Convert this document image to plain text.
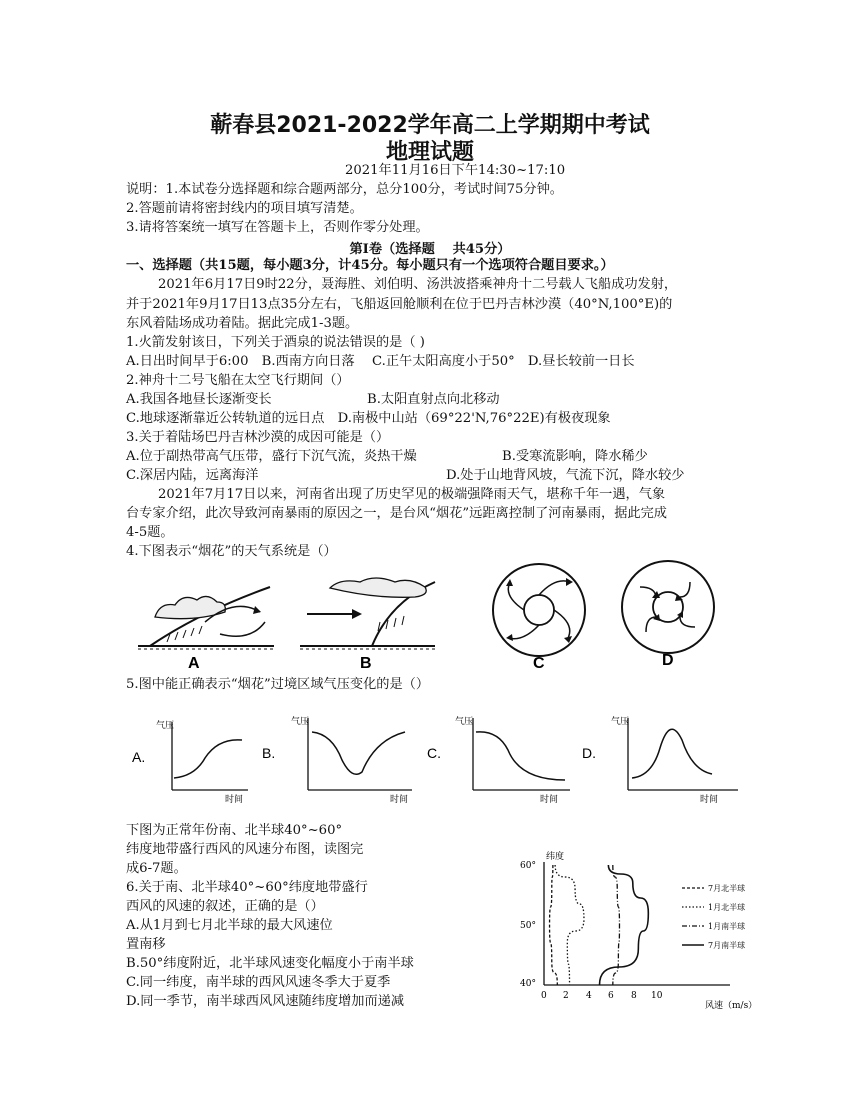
蕲春县2021-2022学年高二上学期期中考试
地理试题
2021年11月16日下午14:30~17:10
说明：1.本试卷分选择题和综合题两部分，总分100分，考试时间75分钟。
2.答题前请将密封线内的项目填写清楚。
3.请将答案统一填写在答题卡上，否则作零分处理。
第Ⅰ卷（选择题　 共45分）
一、选择题（共15题，每小题3分，计45分。每小题只有一个选项符合题目要求。）
2021年6月17日9时22分，聂海胜、刘伯明、汤洪波搭乘神舟十二号载人飞船成功发射，
并于2021年9月17日13点35分左右，飞船返回舱顺利在位于巴丹吉林沙漠（40°N,100°E)的
东风着陆场成功着陆。据此完成1-3题。
1.火箭发射该日，下列关于酒泉的说法错误的是（ )
A.日出时间早于6:00　B.西南方向日落　 C.正午太阳高度小于50°　D.昼长较前一日长
2.神舟十二号飞船在太空飞行期间（）
A.我国各地昼长逐渐变长	B.太阳直射点向北移动
C.地球逐渐靠近公转轨道的远日点　D.南极中山站（69°22'N,76°22E)有极夜现象
3.关于着陆场巴丹吉林沙漠的成因可能是（）
A.位于副热带高气压带，盛行下沉气流，炎热干燥	B.受寒流影响，降水稀少
C.深居内陆，远离海洋	D.处于山地背风坡，气流下沉，降水较少
2021年7月17日以来，河南省出现了历史罕见的极端强降雨天气，堪称千年一遇，气象
台专家介绍，此次导致河南暴雨的原因之一，是台风“烟花”远距离控制了河南暴雨，据此完成
4-5题。
4.下图表示“烟花”的天气系统是（）
A	B	C	D
5.图中能正确表示“烟花”过境区域气压变化的是（）
A.
气压
时间
B.
气压
时间
C.
气压
时间
D.
气压
时间
下图为正常年份南、北半球40°~60°
纬度地带盛行西风的风速分布图，读图完
成6-7题。
6.关于南、北半球40°~60°纬度地带盛行
西风的风速的叙述，正确的是（）
A.从1月到七月北半球的最大风速位
置南移
B.50°纬度附近，北半球风速变化幅度小于南半球
C.同一纬度，南半球的西风风速冬季大于夏季
D.同一季节，南半球西风风速随纬度增加而递减
纬度
风速（m/s）
60°
50°
40°
0 2 4 6 8 10
7月北半球
1月北半球
1月南半球
7月南半球
